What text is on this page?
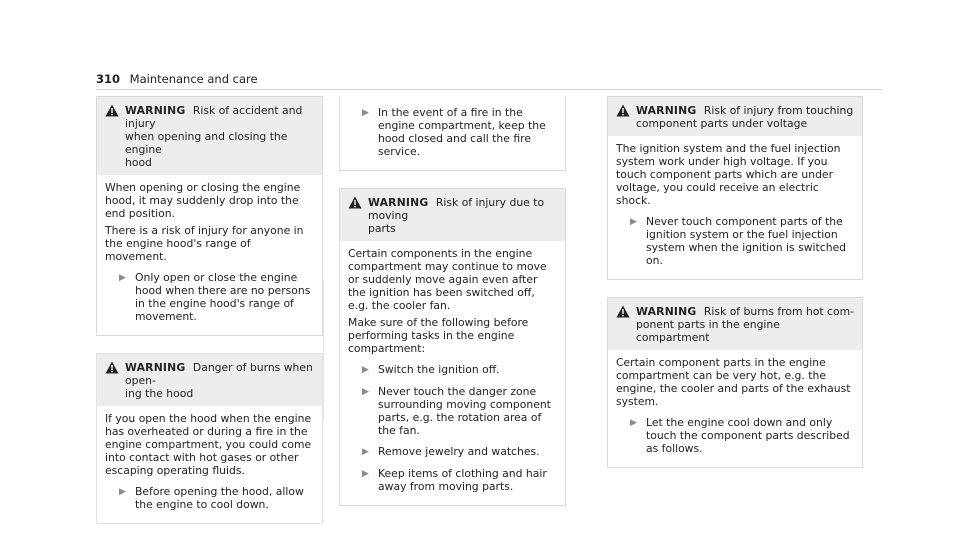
310 Maintenance and care
WARNING Risk of accident and injury
when opening and closing the engine
hood

When opening or closing the engine hood, it may suddenly drop into the end position.

There is a risk of injury for anyone in the engine hood's range of movement.

▶ Only open or close the engine hood when there are no persons in the engine hood's range of movement.
WARNING Danger of burns when open-
ing the hood

If you open the hood when the engine has overheated or during a fire in the engine compartment, you could come into contact with hot gases or other escaping operating fluids.

▶ Before opening the hood, allow the engine to cool down.
▶ In the event of a fire in the engine compartment, keep the hood closed and call the fire service.
WARNING Risk of injury due to moving
parts

Certain components in the engine compartment may continue to move or suddenly move again even after the ignition has been switched off, e.g. the cooler fan.

Make sure of the following before performing tasks in the engine compartment:

▶ Switch the ignition off.
▶ Never touch the danger zone surrounding moving component parts, e.g. the rotation area of the fan.
▶ Remove jewelry and watches.
▶ Keep items of clothing and hair away from moving parts.
WARNING Risk of injury from touching
component parts under voltage

The ignition system and the fuel injection system work under high voltage. If you touch component parts which are under voltage, you could receive an electric shock.

▶ Never touch component parts of the ignition system or the fuel injection system when the ignition is switched on.
WARNING Risk of burns from hot com-
ponent parts in the engine compartment

Certain component parts in the engine compartment can be very hot, e.g. the engine, the cooler and parts of the exhaust system.

▶ Let the engine cool down and only touch the component parts described as follows.
